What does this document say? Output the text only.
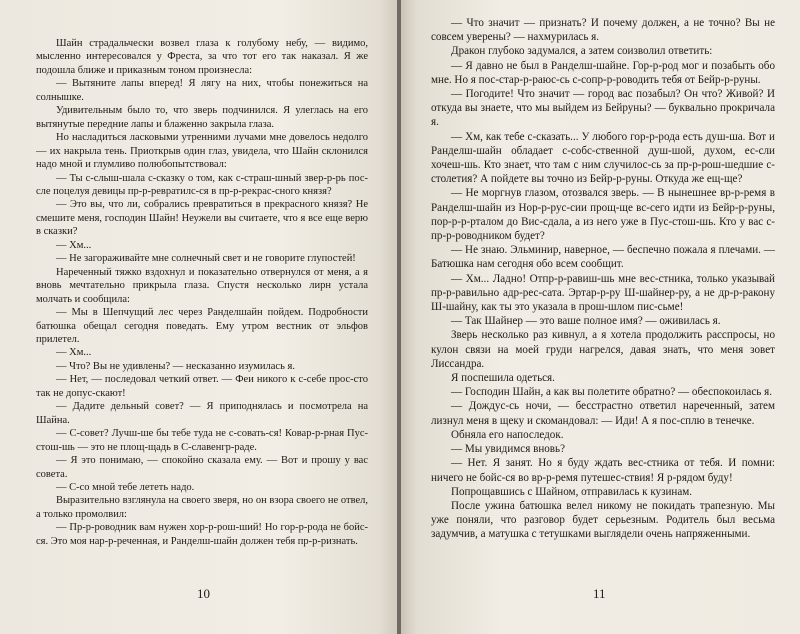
Шайн страдальчески возвел глаза к голубому небу, — видимо, мысленно интересовался у Фреста, за что тот его так наказал. Я же подошла ближе и приказным тоном произнесла:

— Вытяните лапы вперед! Я лягу на них, чтобы понежиться на солнышке.

Удивительным было то, что зверь подчинился. Я улеглась на его вытянутые передние лапы и блаженно закрыла глаза.

Но насладиться ласковыми утренними лучами мне довелось недолго — их накрыла тень. Приоткрыв один глаз, увидела, что Шайн склонился надо мной и глумливо полюбопытствовал:

— Ты с-слыш-шала с-сказку о том, как с-страш-шный звер-р-рь пос-сле поцелуя девицы пр-р-ревратилс-ся в пр-р-рекрас-сного князя?

— Это вы, что ли, собрались превратиться в прекрасного князя? Не смешите меня, господин Шайн! Неужели вы считаете, что я все еще верю в сказки?

— Хм...

— Не загораживайте мне солнечный свет и не говорите глупостей!

Нареченный тяжко вздохнул и показательно отвернулся от меня, а я вновь мечтательно прикрыла глаза. Спустя несколько лирн устала молчать и сообщила:

— Мы в Шепчущий лес через Ранделшайн пойдем. Подробности батюшка обещал сегодня поведать. Ему утром вестник от эльфов прилетел.

— Хм...

— Что? Вы не удивлены? — несказанно изумилась я.

— Нет, — последовал четкий ответ. — Феи никого к с-себе прос-сто так не допус-скают!

— Дадите дельный совет? — Я приподнялась и посмотрела на Шайна.

— С-совет? Лучш-ше бы тебе туда не с-совать-ся! Ковар-р-рная Пус-стош-шь — это не площ-щадь в С-славенгр-раде.

— Я это понимаю, — спокойно сказала ему. — Вот и прошу у вас совета.

— С-со мной тебе лететь надо.

Выразительно взглянула на своего зверя, но он взора своего не отвел, а только промолвил:

— Пр-р-роводник вам нужен хор-р-рош-ший! Но гор-р-рода не бойс-ся. Это моя нар-р-реченная, и Ранделш-шайн должен тебя пр-р-ризнать.

10

— Что значит — признать? И почему должен, а не точно? Вы не совсем уверены? — нахмурилась я.

Дракон глубоко задумался, а затем соизволил ответить:

— Я давно не был в Ранделш-шайне. Гор-р-род мог и позабыть обо мне. Но я пос-стар-р-раюс-сь с-сопр-р-роводить тебя от Бейр-р-руны.

— Погодите! Что значит — город вас позабыл? Он что? Живой? И откуда вы знаете, что мы выйдем из Бейруны? — буквально прокричала я.

— Хм, как тебе с-сказать... У любого гор-р-рода есть душ-ша. Вот и Ранделш-шайн обладает с-собс-ственной душ-шой, духом, ес-сли хочеш-шь. Кто знает, что там с ним случилос-сь за пр-р-рош-шедшие с-столетия? А пойдете вы точно из Бейр-р-руны. Откуда же ещ-ще?

— Не моргнув глазом, отозвался зверь. — В нынешнее вр-р-ремя в Ранделш-шайн из Нор-р-рус-сии прощ-ще вс-сего идти из Бейр-р-руны, пор-р-р-рталом до Вис-сдала, а из него уже в Пус-стош-шь. Кто у вас с-пр-р-роводником будет?

— Не знаю. Эльминир, наверное, — беспечно пожала я плечами. — Батюшка нам сегодня обо всем сообщит.

— Хм... Ладно! Отпр-р-равиш-шь мне вес-стника, только указывай пр-р-равильно адр-рес-сата. Эртар-р-ру Ш-шайнер-ру, а не др-р-ракону Ш-шайну, как ты это указала в прош-шлом пис-сьме!

— Так Шайнер — это ваше полное имя? — оживилась я.

Зверь несколько раз кивнул, а я хотела продолжить расспросы, но кулон связи на моей груди нагрелся, давая знать, что меня зовет Лиссандра.

Я поспешила одеться.

— Господин Шайн, а как вы полетите обратно? — обеспокоилась я.

— Дождус-сь ночи, — бесстрастно ответил нареченный, затем лизнул меня в щеку и скомандовал: — Иди! А я пос-сплю в тенечке.

Обняла его напоследок.

— Мы увидимся вновь?

— Нет. Я занят. Но я буду ждать вес-стника от тебя. И помни: ничего не бойс-ся во вр-р-ремя путешес-ствия! Я р-рядом буду!

Попрощавшись с Шайном, отправилась к кузинам.

После ужина батюшка велел никому не покидать трапезную. Мы уже поняли, что разговор будет серьезным. Родитель был весьма задумчив, а матушка с тетушками выглядели очень напряженными.

11
